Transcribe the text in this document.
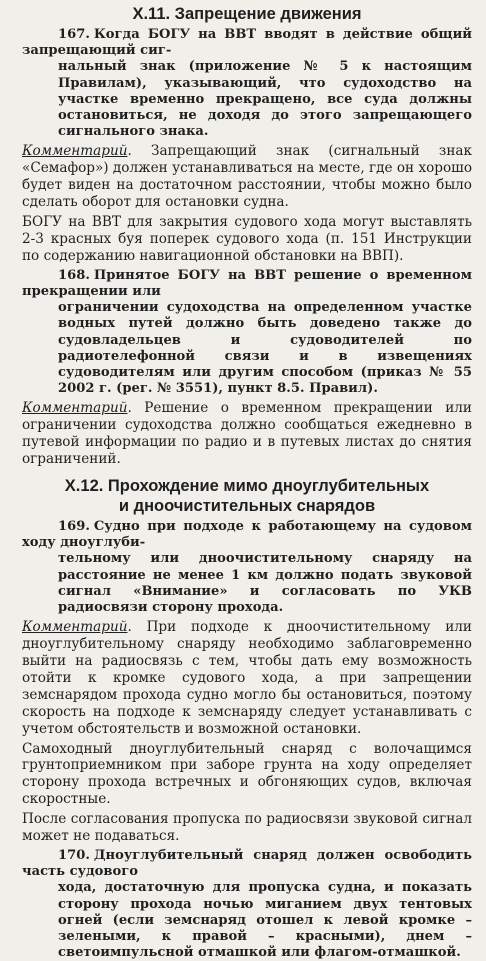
X.11. Запрещение движения

167. Когда БОГУ на ВВТ вводят в действие общий запрещающий сиг-

нальный знак (приложение № 5 к настоящим Правилам), указывающий, что судоходство на участке временно прекращено, все суда должны остановиться, не доходя до этого запрещающего сигнального знака.

Комментарий. Запрещающий знак (сигнальный знак «Семафор») должен устанавливаться на месте, где он хорошо будет виден на достаточном расстоянии, чтобы можно было сделать оборот для остановки судна.

БОГУ на ВВТ для закрытия судового хода могут выставлять 2-3 красных буя поперек судового хода (п. 151 Инструкции по содержанию навигационной обстановки на ВВП).

168. Принятое БОГУ на ВВТ решение о временном прекращении или

ограничении судоходства на определенном участке водных путей должно быть доведено также до судовладельцев и судоводителей по радиотелефонной связи и в извещениях судоводителям или другим способом (приказ № 55 2002 г. (рег. № 3551), пункт 8.5. Правил).

Комментарий. Решение о временном прекращении или ограничении судоходства должно сообщаться ежедневно в путевой информации по радио и в путевых листах до снятия ограничений.

X.12. Прохождение мимо дноуглубительных
и дноочистительных снарядов

169. Судно при подходе к работающему на судовом ходу дноуглуби-

тельному или дноочистительному снаряду на расстояние не менее 1 км должно подать звуковой сигнал «Внимание» и согласовать по УКВ радиосвязи сторону прохода.

Комментарий. При подходе к дноочистительному или дноуглубительному снаряду необходимо заблаговременно выйти на радиосвязь с тем, чтобы дать ему возможность отойти к кромке судового хода, а при запрещении земснарядом прохода судно могло бы остановиться, поэтому скорость на подходе к земснаряду следует устанавливать с учетом обстоятельств и возможной остановки.

Самоходный дноуглубительный снаряд с волочащимся грунтоприемником при заборе грунта на ходу определяет сторону прохода встречных и обгоняющих судов, включая скоростные.

После согласования пропуска по радиосвязи звуковой сигнал может не подаваться.

170. Дноуглубительный снаряд должен освободить часть судового

хода, достаточную для пропуска судна, и показать сторону прохода ночью миганием двух тентовых огней (если земснаряд отошел к левой кромке – зелеными, к правой – красными), днем – светоимпульсной отмашкой или флагом-отмашкой.
